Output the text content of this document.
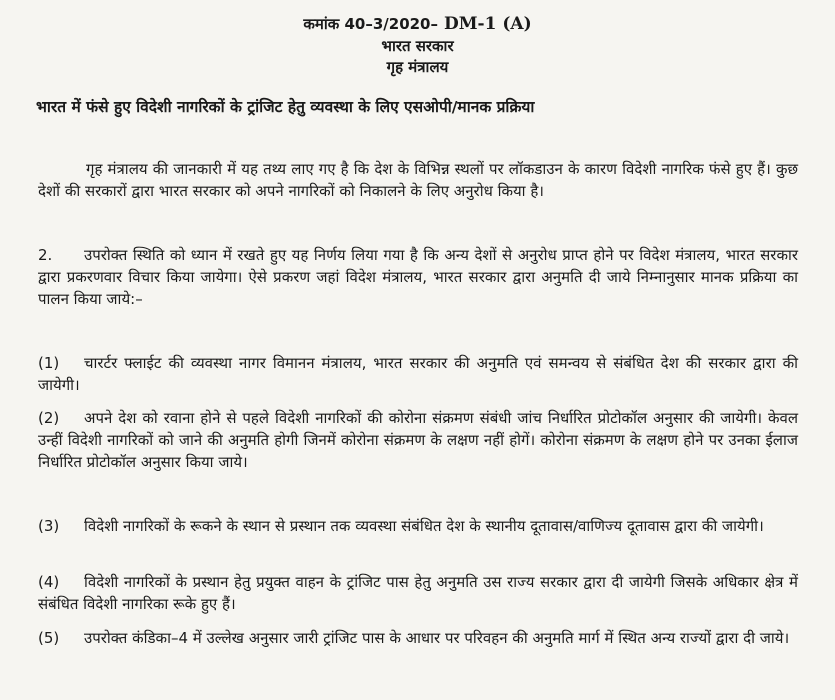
कमांक 40–3/2020– DM-1 (A)
भारत सरकार
गृह मंत्रालय
भारत में फंसे हुए विदेशी नागरिकों के ट्रांजिट हेतु व्यवस्था के लिए एसओपी/मानक प्रक्रिया
गृह मंत्रालय की जानकारी में यह तथ्य लाए गए है कि देश के विभिन्न स्थलों पर लॉकडाउन के कारण विदेशी नागरिक फंसे हुए हैं। कुछ देशों की सरकारों द्वारा भारत सरकार को अपने नागरिकों को निकालने के लिए अनुरोध किया है।
2. उपरोक्त स्थिति को ध्यान में रखते हुए यह निर्णय लिया गया है कि अन्य देशों से अनुरोध प्राप्त होने पर विदेश मंत्रालय, भारत सरकार द्वारा प्रकरणवार विचार किया जायेगा। ऐसे प्रकरण जहां विदेश मंत्रालय, भारत सरकार द्वारा अनुमति दी जाये निम्नानुसार मानक प्रक्रिया का पालन किया जाये:–
(1) चारर्टर फ्लाईट की व्यवस्था नागर विमानन मंत्रालय, भारत सरकार की अनुमति एवं समन्वय से संबंधित देश की सरकार द्वारा की जायेगी।
(2) अपने देश को रवाना होने से पहले विदेशी नागरिकों की कोरोना संक्रमण संबंधी जांच निर्धारित प्रोटोकॉल अनुसार की जायेगी। केवल उन्हीं विदेशी नागरिकों को जाने की अनुमति होगी जिनमें कोरोना संक्रमण के लक्षण नहीं होगें। कोरोना संक्रमण के लक्षण होने पर उनका ईलाज निर्धारित प्रोटोकॉल अनुसार किया जाये।
(3) विदेशी नागरिकों के रूकने के स्थान से प्रस्थान तक व्यवस्था संबंधित देश के स्थानीय दूतावास/वाणिज्य दूतावास द्वारा की जायेगी।
(4) विदेशी नागरिकों के प्रस्थान हेतु प्रयुक्त वाहन के ट्रांजिट पास हेतु अनुमति उस राज्य सरकार द्वारा दी जायेगी जिसके अधिकार क्षेत्र में संबंधित विदेशी नागरिका रूके हुए हैं।
(5) उपरोक्त कंडिका–4 में उल्लेख अनुसार जारी ट्रांजिट पास के आधार पर परिवहन की अनुमति मार्ग में स्थित अन्य राज्यों द्वारा दी जाये।
